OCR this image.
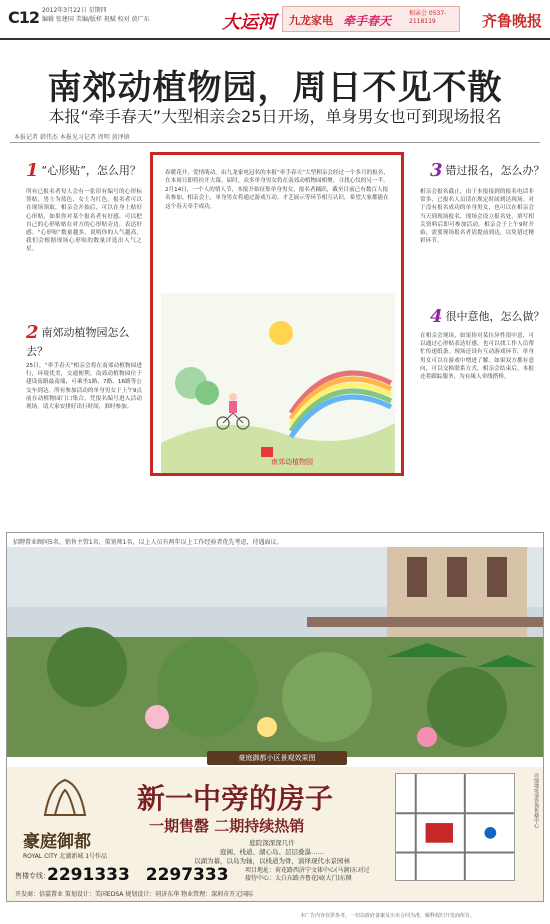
C12 2012年3月22日 星期四
编辑 张建国 美编/版样 祝赋 校对 黄广东	大运河 九龙家电 牵手春天
相亲会 0537-2118119	齐鲁晚报
南郊动植物园，周日不见不散
本报“牵手春天”大型相亲会25日开场，单身男女也可到现场报名
本报记者 韩伟杰 本报见习记者 周明 黄泽镇
1 “心形贴”，怎么用？
所有已报名者每人会有一张印有编号的心形标签贴，男士为蓝色、女士为红色。报名者可以在现场领取，相亲会开始后，可以在身上贴好心形贴，如果你对某个报名者有好感，可以把自己的心形贴贴在对方的心形贴旁边，表达好感。“心形贴”数量越多，说明你的人气越高，我们会根据现场心形贴的数量评选出人气之星。
2 南郊动植物园怎么去？
25日，“牵手春天”相亲会将在南郊动植物园进行，环境优美，交通便利。南郊动植物园位于建设南路最南端，可乘坐1路、7路、16路等公交车到达。所有参加活动的单身男女于上午9点前在动植物园门口集合，凭报名编号进入活动现场，请大家安排好出行时间，准时参加。
春暖花开，爱情萌动。由九龙家电冠名的本报“牵手春天”大型相亲会经过一个多月的报名，在本周日即将拉开大幕。届时，众多单身男女将在南郊动植物园相聚，寻找心仪的另一半。2月14日，一个人的情人节，本报开始征集单身男女，报名者踊跃，截至目前已有数百人报名参加。相亲会上，单身男女将通过游戏互动、才艺展示等环节相互认识，希望大家都能在这个春天牵手成功。
南郊动植物园
3 错过报名，怎么办？
相亲会报名截止，由于本报接到的报名电话非常多，已报名人员请在规定时间到达现场。对于没有报名成功的单身男女，也可以在相亲会当天到现场报名，现场会设立报名处，填写相关资料后即可参加活动。相亲会于上午9时开始，需要现场报名者请提前到达，以免错过精彩环节。
4 很中意他，怎么做？
在相亲会现场，如果你对某位异性很中意，可以通过心形贴表达好感，也可以找工作人员帮忙传递纸条。现场还设有互动游戏环节，单身男女可以在游戏中增进了解。如果双方都有意向，可以交换联系方式，相亲会结束后，本报还将跟踪服务，为有缘人牵线搭桥。
招聘置业顾问5名、销售主管1名、策划师1名，以上人员有两年以上工作经验者优先考虑，待遇面议。
豪庭御都小区景观效果图
豪庭御都
ROYAL CITY 北湖新城 1号作品
新一中旁的房子
一期售罄 二期持续热销
庭院深深深几许
庭阁、栈道、湖心岛、层层叠瀑……
以湖为幕，以岛为轴，以栈道为骨，演绎现代水景园林
售楼专线：
2291333 2297333	项目地址：荷花路西济宁文体中心(马涧)东对过
接待中心：太白东路齐鲁花园(大门)东侧
详细地址请咨询售楼中心
开发商：信嘉置业 策划设计：美国EDSA 规划设计：同济东华 物业管理：深圳市开元国际
本广告内容仅供参考，一切以政府备案及买卖合同为准，解释权归开发商所有。
